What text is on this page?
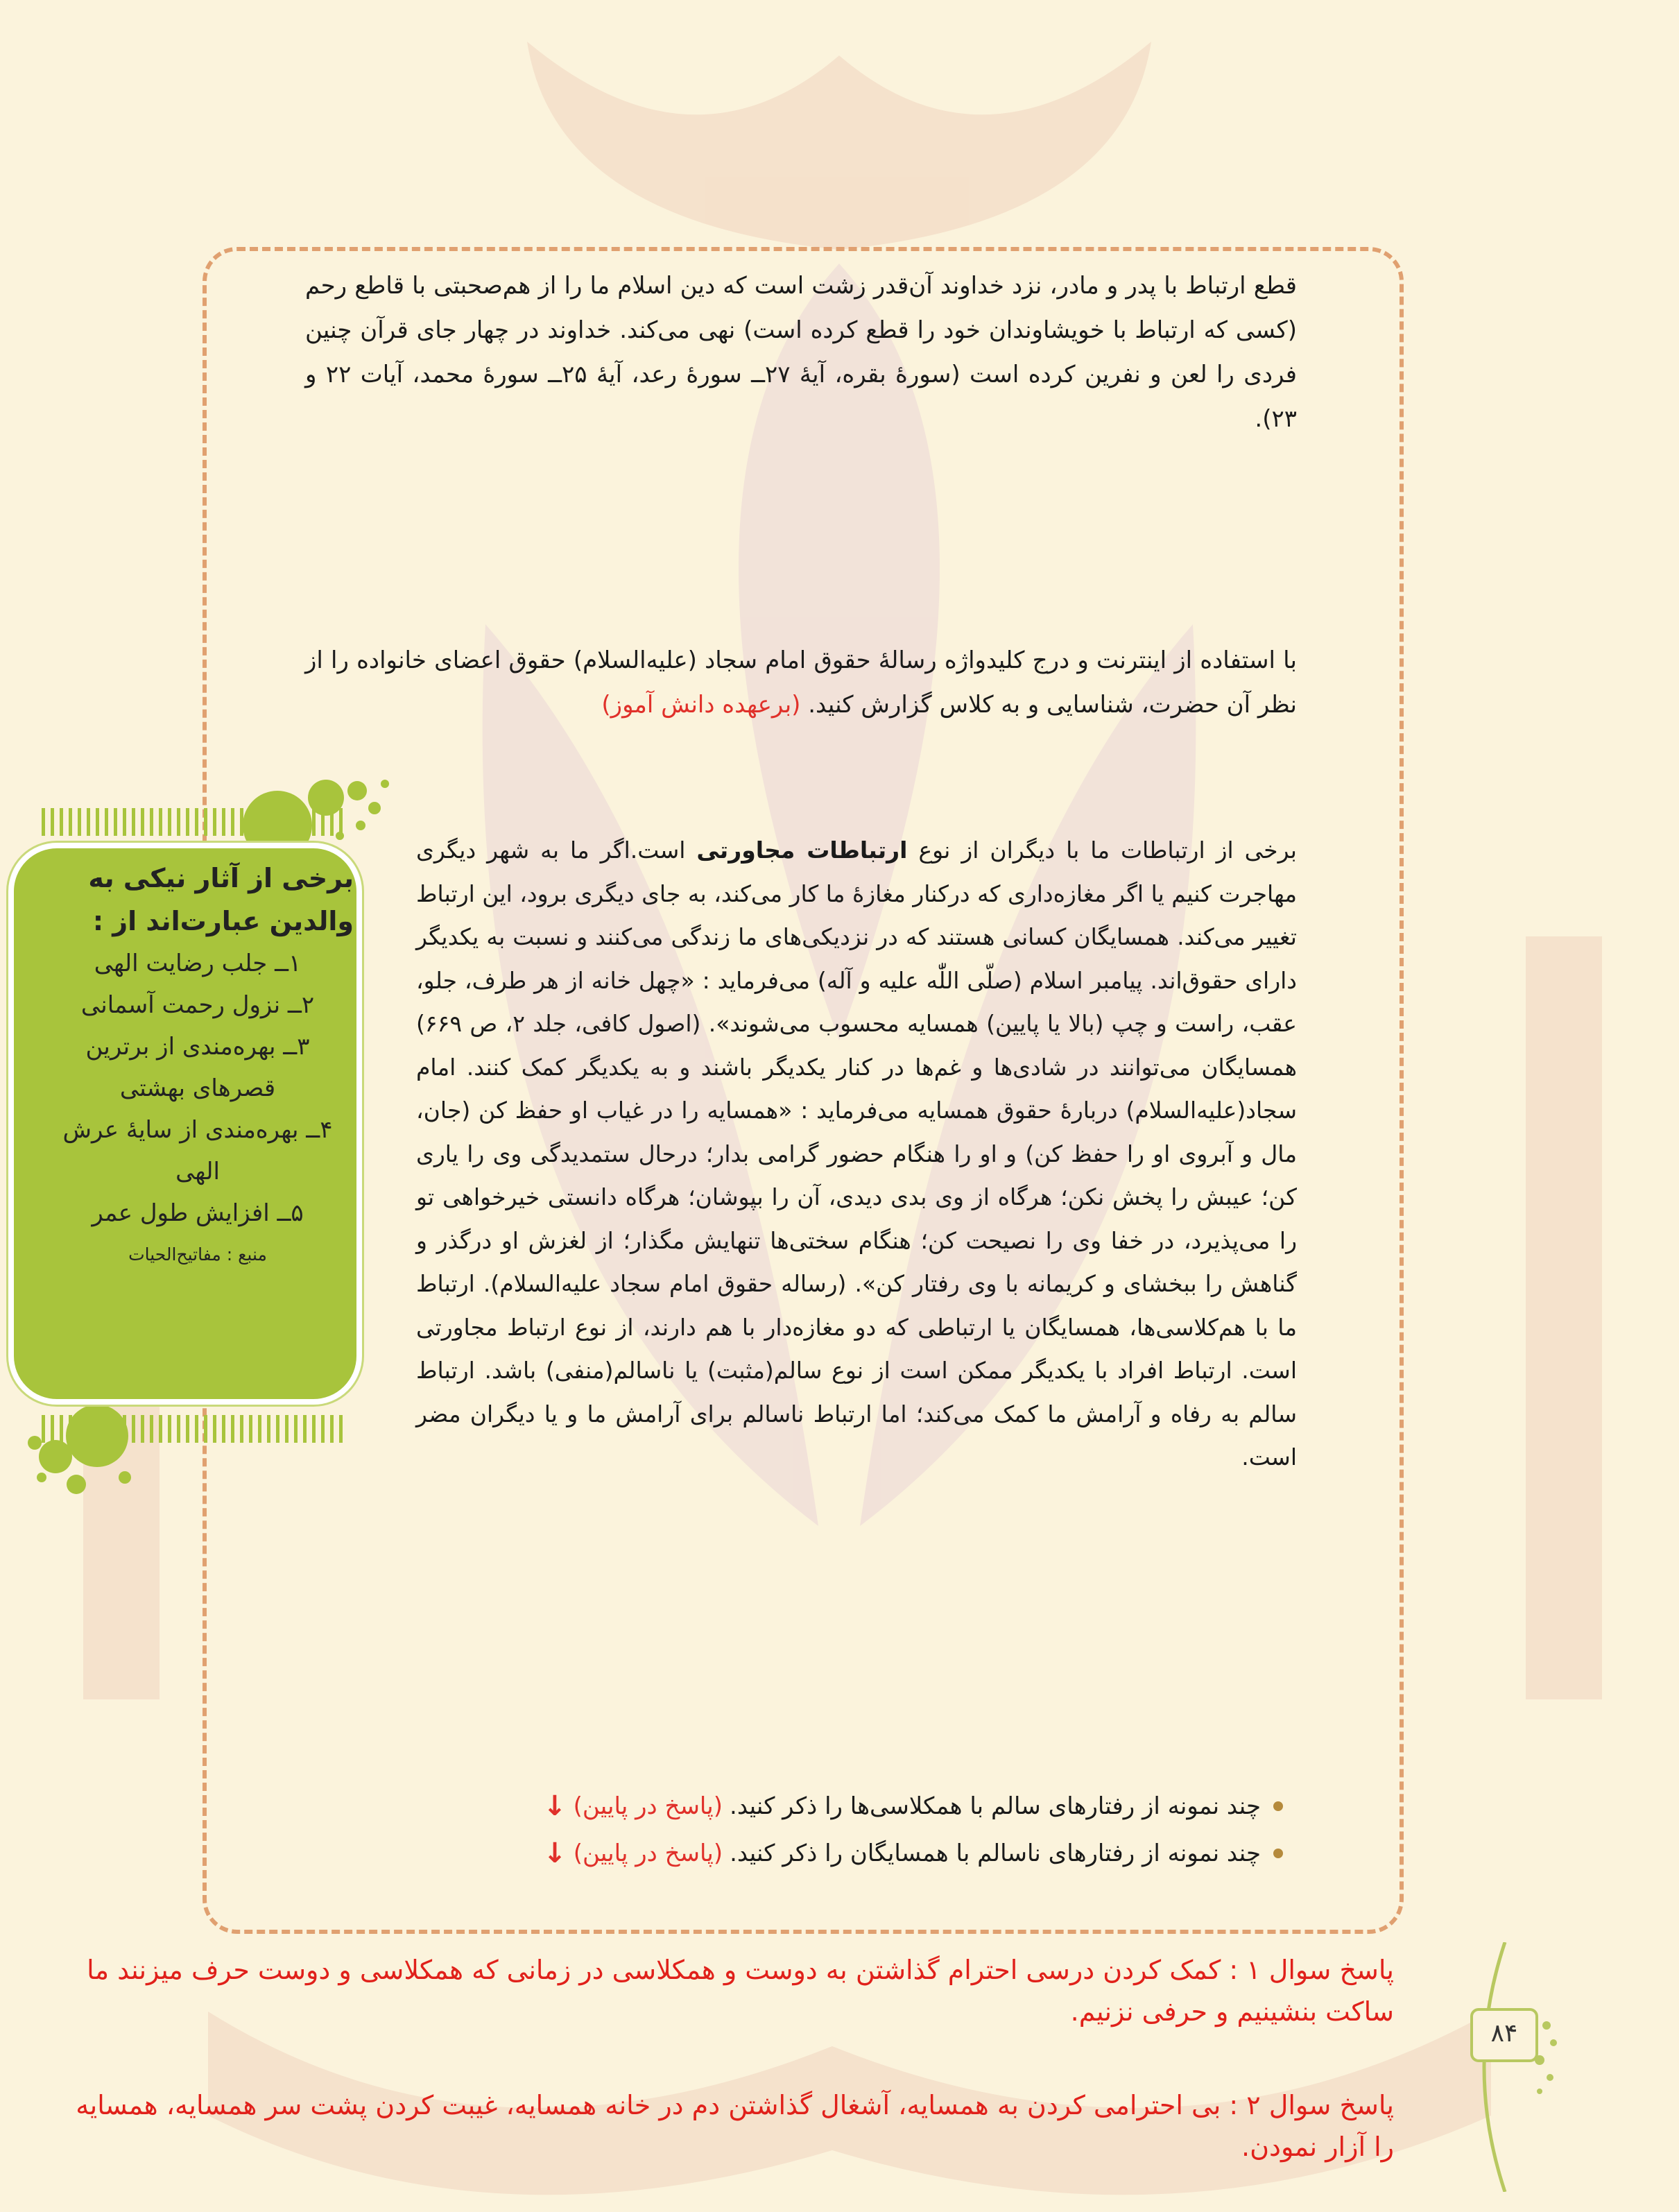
قطع ارتباط با پدر و مادر، نزد خداوند آن‌قدر زشت است که دین اسلام ما را از هم‌صحبتی با قاطع رحم (کسی که ارتباط با خویشاوندان خود را قطع کرده است) نهی می‌کند. خداوند در چهار جای قرآن چنین فردی را لعن و نفرین کرده است (سورهٔ بقره، آیهٔ ۲۷ــ سورهٔ رعد، آیهٔ ۲۵ــ سورهٔ محمد، آیات ۲۲ و ۲۳).
با استفاده از اینترنت و درج کلیدواژه رسالهٔ حقوق امام سجاد (علیه‌السلام) حقوق اعضای خانواده را از نظر آن حضرت، شناسایی و به کلاس گزارش کنید. (برعهده دانش آموز)
برخی از آثار نیکی به والدین عبارت‌اند از :
۱ــ جلب رضایت الهی
۲ــ نزول رحمت آسمانی
۳ــ بهره‌مندی از برترین قصرهای بهشتی
۴ــ بهره‌مندی از سایهٔ عرش الهی
۵ــ افزایش طول عمر
منبع : مفاتیح‌الحیات
برخی از ارتباطات ما با دیگران از نوع ارتباطات مجاورتی است.اگر ما به شهر دیگری مهاجرت کنیم یا اگر مغازه‌داری که درکنار مغازهٔ ما کار می‌کند، به جای دیگری برود، این ارتباط تغییر می‌کند. همسایگان کسانی هستند که در نزدیکی‌های ما زندگی می‌کنند و نسبت به یکدیگر دارای حقوق‌اند. پیامبر اسلام (صلّی اللّٰه علیه و آله) می‌فرماید : «چهل خانه از هر طرف، جلو، عقب، راست و چپ (بالا یا پایین) همسایه محسوب می‌شوند». (اصول کافی، جلد ۲، ص ۶۶۹) همسایگان می‌توانند در شادی‌ها و غم‌ها در کنار یکدیگر باشند و به یکدیگر کمک کنند. امام سجاد(علیه‌السلام) دربارهٔ حقوق همسایه می‌فرماید : «همسایه را در غیاب او حفظ کن (جان، مال و آبروی او را حفظ کن) و او را هنگام حضور گرامی بدار؛ درحال ستمدیدگی وی را یاری کن؛ عیبش را پخش نکن؛ هرگاه از وی بدی دیدی، آن را بپوشان؛ هرگاه دانستی خیرخواهی تو را می‌پذیرد، در خفا وی را نصیحت کن؛ هنگام سختی‌ها تنهایش مگذار؛ از لغزش او درگذر و گناهش را ببخشای و کریمانه با وی رفتار کن». (رساله حقوق امام سجاد علیه‌السلام). ارتباط ما با هم‌کلاسی‌ها، همسایگان یا ارتباطی که دو مغازه‌دار با هم دارند، از نوع ارتباط مجاورتی است. ارتباط افراد با یکدیگر ممکن است از نوع سالم(مثبت) یا ناسالم(منفی) باشد. ارتباط سالم به رفاه و آرامش ما کمک می‌کند؛ اما ارتباط ناسالم برای آرامش ما و یا دیگران مضر است.
چند نمونه از رفتارهای سالم با همکلاسی‌ها را ذکر کنید.
(پاسخ در پایین)
↓
چند نمونه از رفتارهای ناسالم با همسایگان را ذکر کنید.
(پاسخ در پایین)
↓
پاسخ سوال ۱ : کمک کردن درسی احترام گذاشتن به دوست و همکلاسی در زمانی که همکلاسی و دوست حرف میزنند ما ساکت بنشینیم و حرفی نزنیم.
پاسخ سوال ۲ : بی احترامی کردن به همسایه، آشغال گذاشتن دم در خانه همسایه، غیبت کردن پشت سر همسایه، همسایه را آزار نمودن.
۸۴
